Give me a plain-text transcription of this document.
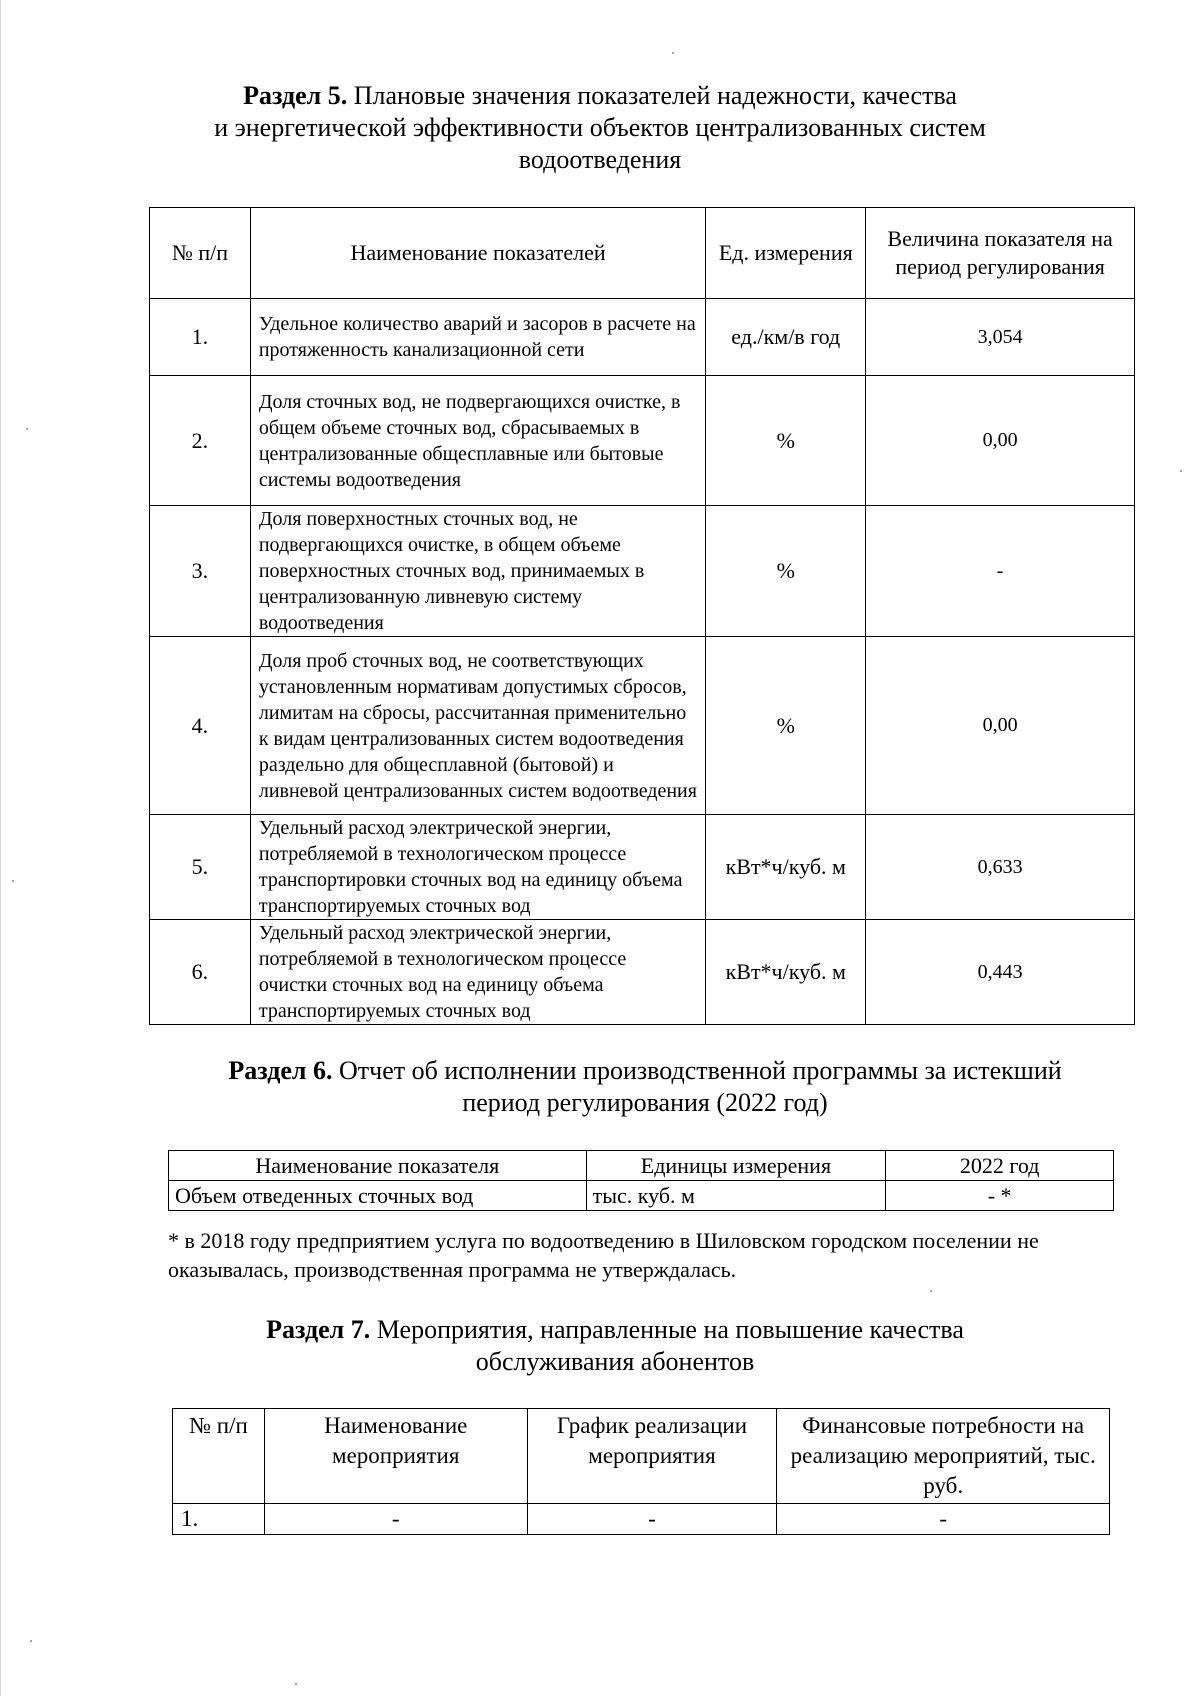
Раздел 5. Плановые значения показателей надежности, качества
и энергетической эффективности объектов централизованных систем
водоотведения
№ п/п	Наименование показателей	Ед. измерения	Величина показателя на период регулирования
1.	Удельное количество аварий и засоров в расчете на протяженность канализационной сети	ед./км/в год	3,054
2.	Доля сточных вод, не подвергающихся очистке, в общем объеме сточных вод, сбрасываемых в централизованные общесплавные или бытовые системы водоотведения	%	0,00
3.	Доля поверхностных сточных вод, не подвергающихся очистке, в общем объеме поверхностных сточных вод, принимаемых в централизованную ливневую систему водоотведения	%	-
4.	Доля проб сточных вод, не соответствующих установленным нормативам допустимых сбросов, лимитам на сбросы, рассчитанная применительно к видам централизованных систем водоотведения раздельно для общесплавной (бытовой) и ливневой централизованных систем водоотведения	%	0,00
5.	Удельный расход электрической энергии, потребляемой в технологическом процессе транспортировки сточных вод на единицу объема транспортируемых сточных вод	кВт*ч/куб. м	0,633
6.	Удельный расход электрической энергии, потребляемой в технологическом процессе очистки сточных вод на единицу объема транспортируемых сточных вод	кВт*ч/куб. м	0,443
Раздел 6. Отчет об исполнении производственной программы за истекший
период регулирования (2022 год)
Наименование показателя	Единицы измерения	2022 год
Объем отведенных сточных вод	тыс. куб. м	- *
* в 2018 году предприятием услуга по водоотведению в Шиловском городском поселении не оказывалась, производственная программа не утверждалась.
Раздел 7. Мероприятия, направленные на повышение качества
обслуживания абонентов
№ п/п	Наименование мероприятия	График реализации мероприятия	Финансовые потребности на реализацию мероприятий, тыс. руб.
1.	-	-	-
